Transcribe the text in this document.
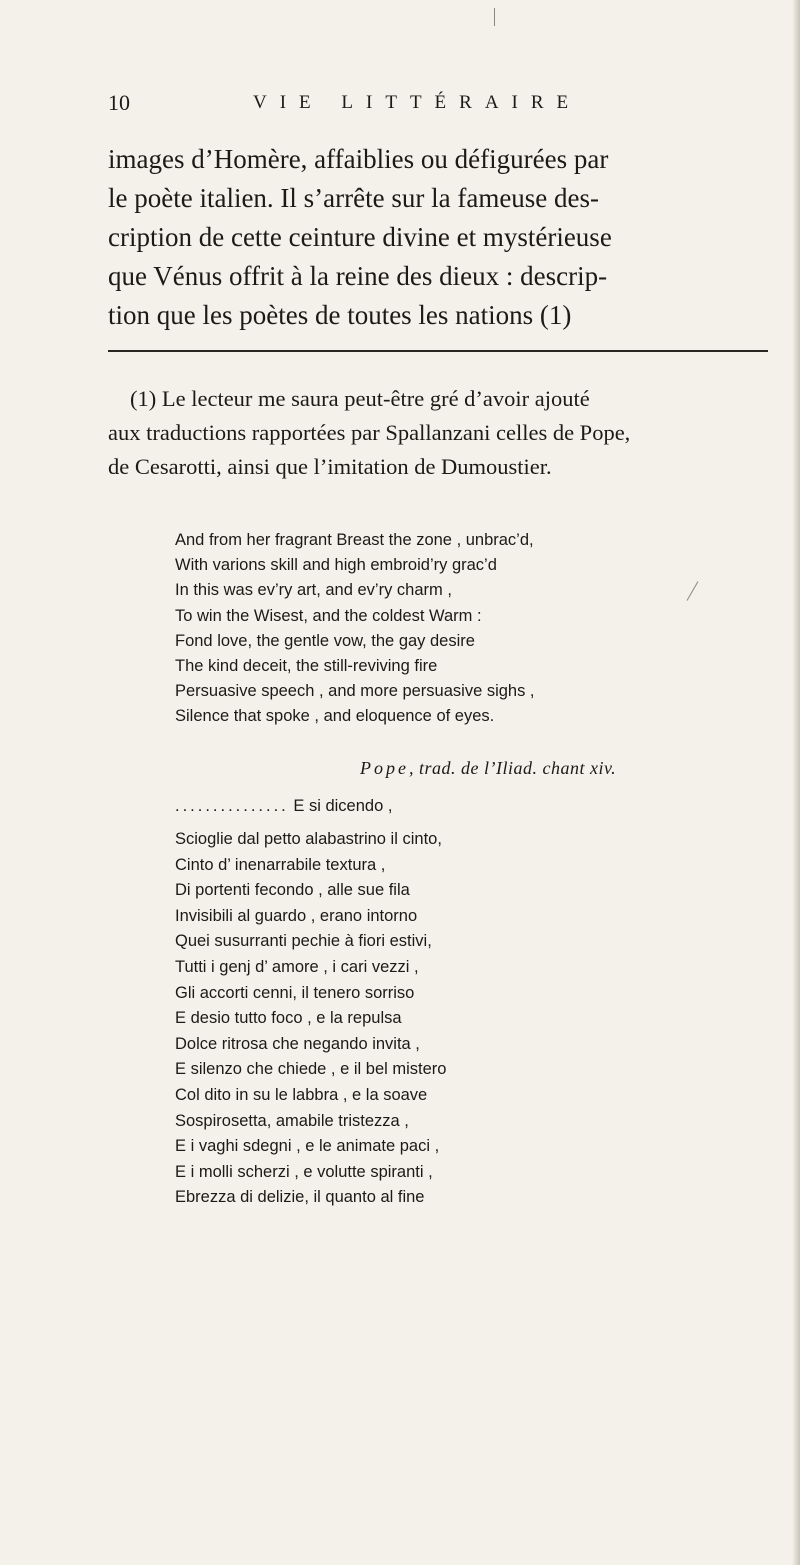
10	VIE LITTÉRAIRE
images d’Homère, affaiblies ou défigurées par
le poète italien. Il s’arrête sur la fameuse des-
cription de cette ceinture divine et mystérieuse
que Vénus offrit à la reine des dieux : descrip-
tion que les poètes de toutes les nations (1)
(1) Le lecteur me saura peut-être gré d’avoir ajouté
aux traductions rapportées par Spallanzani celles de Pope,
de Cesarotti, ainsi que l’imitation de Dumoustier.
And from her fragrant Breast the zone , unbrac’d,
With varions skill and high embroid’ry grac’d
In this was ev’ry art, and ev’ry charm ,
To win the Wisest, and the coldest Warm :
Fond love, the gentle vow, the gay desire
The kind deceit, the still-reviving fire
Persuasive speech , and more persuasive sighs ,
Silence that spoke , and eloquence of eyes.
Pope, trad. de l’Iliad. chant xiv.
............... E si dicendo ,
Scioglie dal petto alabastrino il cinto,
Cinto d’ inenarrabile textura ,
Di portenti fecondo , alle sue fila
Invisibili al guardo , erano intorno
Quei susurranti pechie à fiori estivi,
Tutti i genj d’ amore , i cari vezzi ,
Gli accorti cenni, il tenero sorriso
E desio tutto foco , e la repulsa
Dolce ritrosa che negando invita ,
E silenzo che chiede , e il bel mistero
Col dito in su le labbra , e la soave
Sospirosetta, amabile tristezza ,
E i vaghi sdegni , e le animate paci ,
E i molli scherzi , e volutte spiranti ,
Ebrezza di delizie, il quanto al fine
